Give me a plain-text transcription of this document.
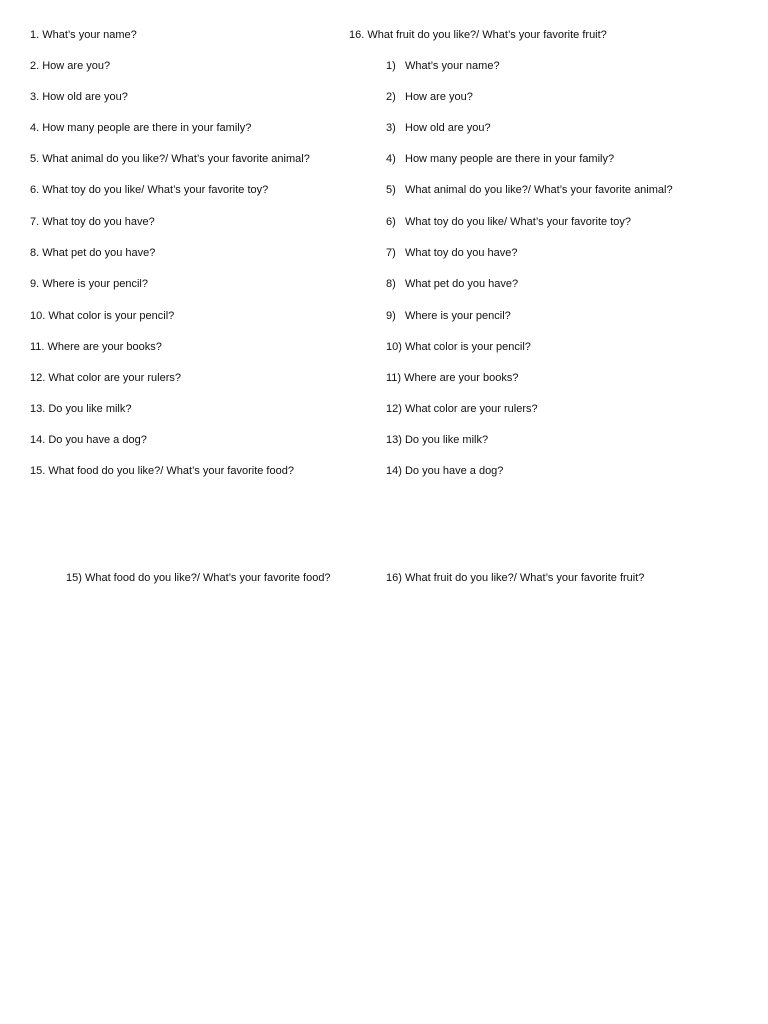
1. What’s your name?
2. How are you?
3. How old are you?
4. How many people are there in your family?
5. What animal do you like?/ What’s your favorite animal?
6. What toy do you like/ What’s your favorite toy?
7. What toy do you have?
8. What pet do you have?
9. Where is your pencil?
10. What color is your pencil?
11. Where are your books?
12. What color are your rulers?
13. Do you like milk?
14. Do you have a dog?
15. What food do you like?/ What’s your favorite food?
16. What fruit do you like?/ What’s your favorite fruit?
1) What’s your name?
2) How are you?
3) How old are you?
4) How many people are there in your family?
5) What animal do you like?/ What’s your favorite animal?
6) What toy do you like/ What’s your favorite toy?
7) What toy do you have?
8) What pet do you have?
9) Where is your pencil?
10) What color is your pencil?
11) Where are your books?
12) What color are your rulers?
13) Do you like milk?
14) Do you have a dog?
15) What food do you like?/ What’s your favorite food?	16) What fruit do you like?/ What’s your favorite fruit?
